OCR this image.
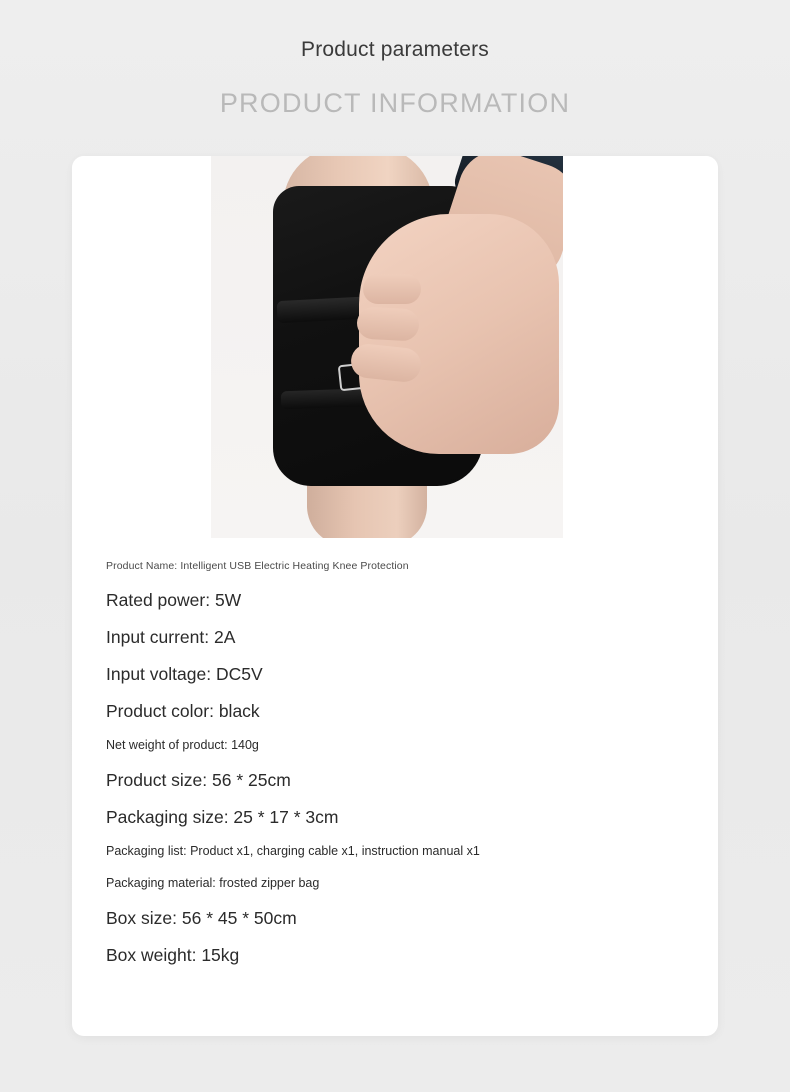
Product parameters
PRODUCT INFORMATION
Product Name: Intelligent USB Electric Heating Knee Protection
Rated power: 5W
Input current: 2A
Input voltage: DC5V
Product color: black
Net weight of product: 140g
Product size: 56 * 25cm
Packaging size: 25 * 17 * 3cm
Packaging list: Product x1, charging cable x1, instruction manual x1
Packaging material: frosted zipper bag
Box size: 56 * 45 * 50cm
Box weight: 15kg
